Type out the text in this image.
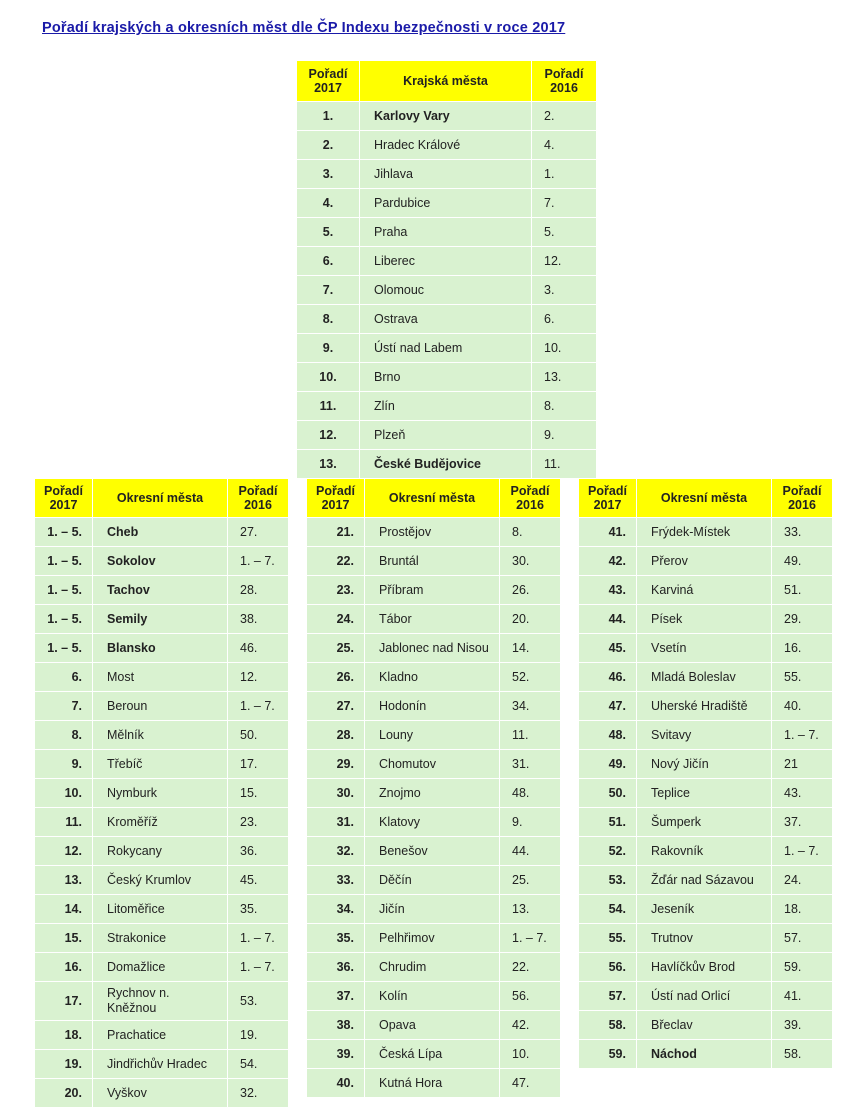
Pořadí krajských a okresních měst dle ČP Indexu bezpečnosti v roce 2017
Pořadí
2017	Krajská města	Pořadí
2016
1.	Karlovy Vary	2.
2.	Hradec Králové	4.
3.	Jihlava	1.
4.	Pardubice	7.
5.	Praha	5.
6.	Liberec	12.
7.	Olomouc	3.
8.	Ostrava	6.
9.	Ústí nad Labem	10.
10.	Brno	13.
11.	Zlín	8.
12.	Plzeň	9.
13.	České Budějovice	11.
Pořadí
2017	Okresní města	Pořadí
2016
1. – 5.	Cheb	27.
1. – 5.	Sokolov	1. – 7.
1. – 5.	Tachov	28.
1. – 5.	Semily	38.
1. – 5.	Blansko	46.
6.	Most	12.
7.	Beroun	1. – 7.
8.	Mělník	50.
9.	Třebíč	17.
10.	Nymburk	15.
11.	Kroměříž	23.
12.	Rokycany	36.
13.	Český Krumlov	45.
14.	Litoměřice	35.
15.	Strakonice	1. – 7.
16.	Domažlice	1. – 7.
17.	Rychnov n. Kněžnou	53.
18.	Prachatice	19.
19.	Jindřichův Hradec	54.
20.	Vyškov	32.
Pořadí
2017	Okresní města	Pořadí
2016
21.	Prostějov	8.
22.	Bruntál	30.
23.	Příbram	26.
24.	Tábor	20.
25.	Jablonec nad Nisou	14.
26.	Kladno	52.
27.	Hodonín	34.
28.	Louny	11.
29.	Chomutov	31.
30.	Znojmo	48.
31.	Klatovy	9.
32.	Benešov	44.
33.	Děčín	25.
34.	Jičín	13.
35.	Pelhřimov	1. – 7.
36.	Chrudim	22.
37.	Kolín	56.
38.	Opava	42.
39.	Česká Lípa	10.
40.	Kutná Hora	47.
Pořadí
2017	Okresní města	Pořadí
2016
41.	Frýdek-Místek	33.
42.	Přerov	49.
43.	Karviná	51.
44.	Písek	29.
45.	Vsetín	16.
46.	Mladá Boleslav	55.
47.	Uherské Hradiště	40.
48.	Svitavy	1. – 7.
49.	Nový Jičín	21
50.	Teplice	43.
51.	Šumperk	37.
52.	Rakovník	1. – 7.
53.	Žďár nad Sázavou	24.
54.	Jeseník	18.
55.	Trutnov	57.
56.	Havlíčkův Brod	59.
57.	Ústí nad Orlicí	41.
58.	Břeclav	39.
59.	Náchod	58.
